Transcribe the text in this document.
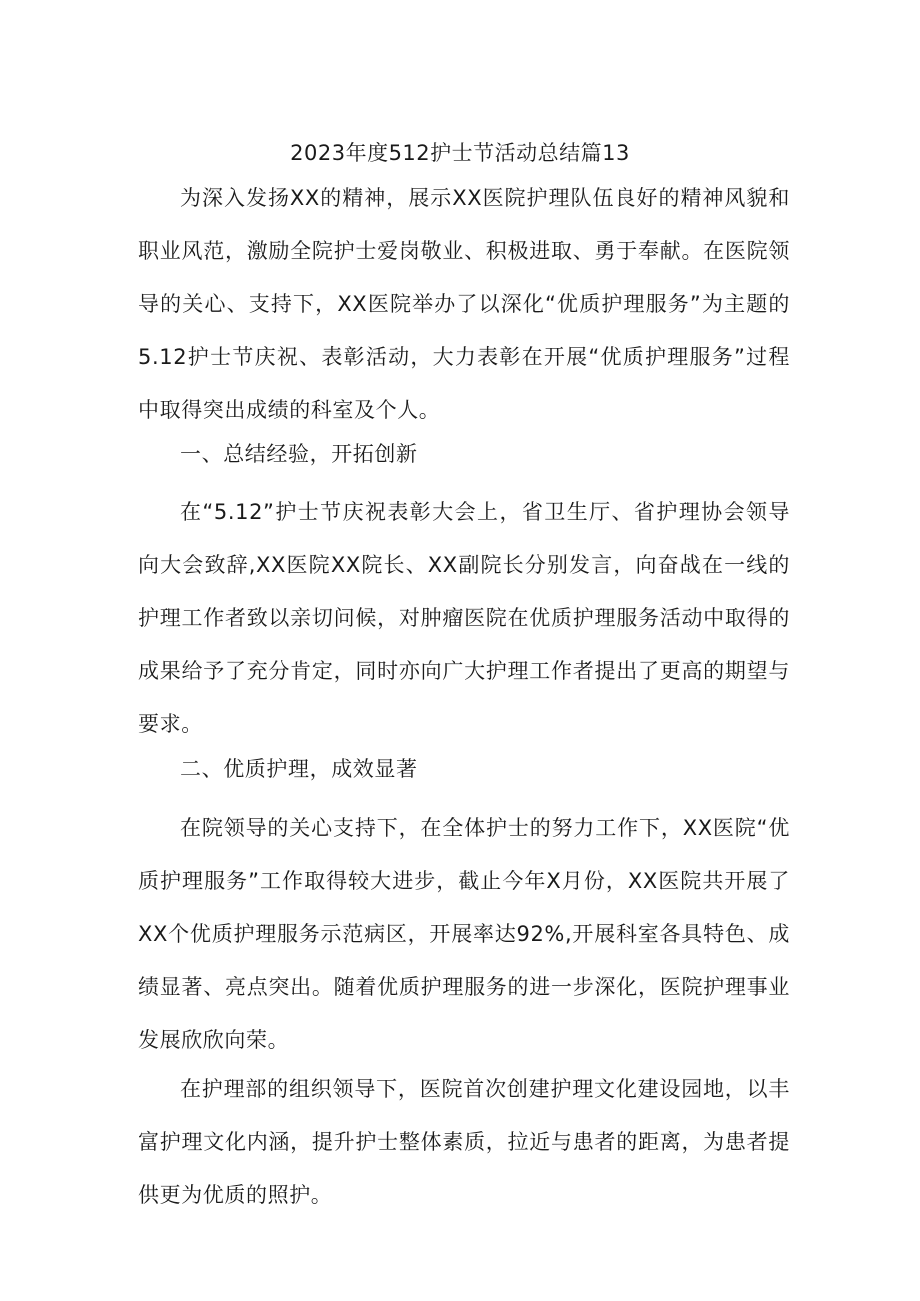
2023年度512护士节活动总结篇13

为深入发扬XX的精神，展示XX医院护理队伍良好的精神风貌和职业风范，激励全院护士爱岗敬业、积极进取、勇于奉献。在医院领导的关心、支持下，XX医院举办了以深化“优质护理服务”为主题的5.12护士节庆祝、表彰活动，大力表彰在开展“优质护理服务”过程中取得突出成绩的科室及个人。

一、总结经验，开拓创新

在“5.12”护士节庆祝表彰大会上，省卫生厅、省护理协会领导向大会致辞,XX医院XX院长、XX副院长分别发言，向奋战在一线的护理工作者致以亲切问候，对肿瘤医院在优质护理服务活动中取得的成果给予了充分肯定，同时亦向广大护理工作者提出了更高的期望与要求。

二、优质护理，成效显著

在院领导的关心支持下，在全体护士的努力工作下，XX医院“优质护理服务”工作取得较大进步，截止今年X月份，XX医院共开展了XX个优质护理服务示范病区，开展率达92%,开展科室各具特色、成绩显著、亮点突出。随着优质护理服务的进一步深化，医院护理事业发展欣欣向荣。

在护理部的组织领导下，医院首次创建护理文化建设园地，以丰富护理文化内涵，提升护士整体素质，拉近与患者的距离，为患者提供更为优质的照护。
